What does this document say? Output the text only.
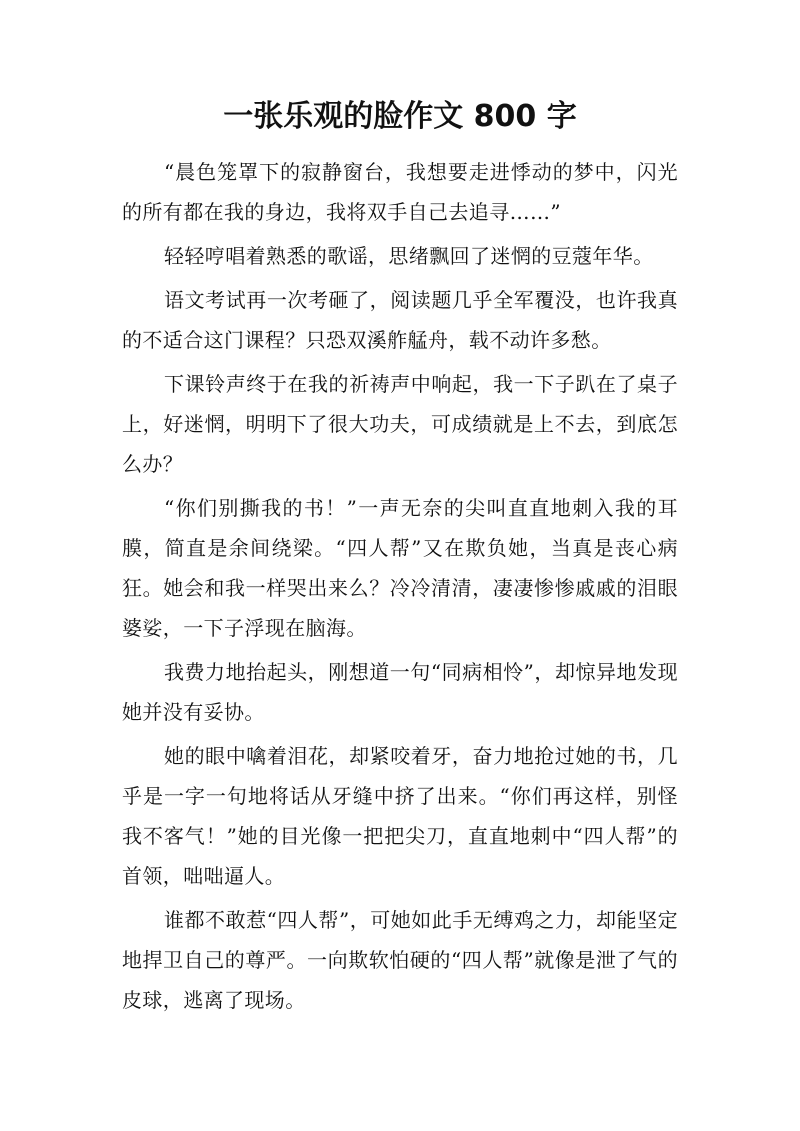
一张乐观的脸作文 800 字

“晨色笼罩下的寂静窗台，我想要走进悸动的梦中，闪光的所有都在我的身边，我将双手自己去追寻……”

轻轻哼唱着熟悉的歌谣，思绪飘回了迷惘的豆蔻年华。

语文考试再一次考砸了，阅读题几乎全军覆没，也许我真的不适合这门课程？只恐双溪舴艋舟，载不动许多愁。

下课铃声终于在我的祈祷声中响起，我一下子趴在了桌子上，好迷惘，明明下了很大功夫，可成绩就是上不去，到底怎么办？

“你们别撕我的书！”一声无奈的尖叫直直地刺入我的耳膜，简直是余间绕梁。“四人帮”又在欺负她，当真是丧心病狂。她会和我一样哭出来么？冷冷清清，凄凄惨惨戚戚的泪眼婆娑，一下子浮现在脑海。

我费力地抬起头，刚想道一句“同病相怜”，却惊异地发现她并没有妥协。

她的眼中噙着泪花，却紧咬着牙，奋力地抢过她的书，几乎是一字一句地将话从牙缝中挤了出来。“你们再这样，别怪我不客气！”她的目光像一把把尖刀，直直地刺中“四人帮”的首领，咄咄逼人。

谁都不敢惹“四人帮”，可她如此手无缚鸡之力，却能坚定地捍卫自己的尊严。一向欺软怕硬的“四人帮”就像是泄了气的皮球，逃离了现场。
